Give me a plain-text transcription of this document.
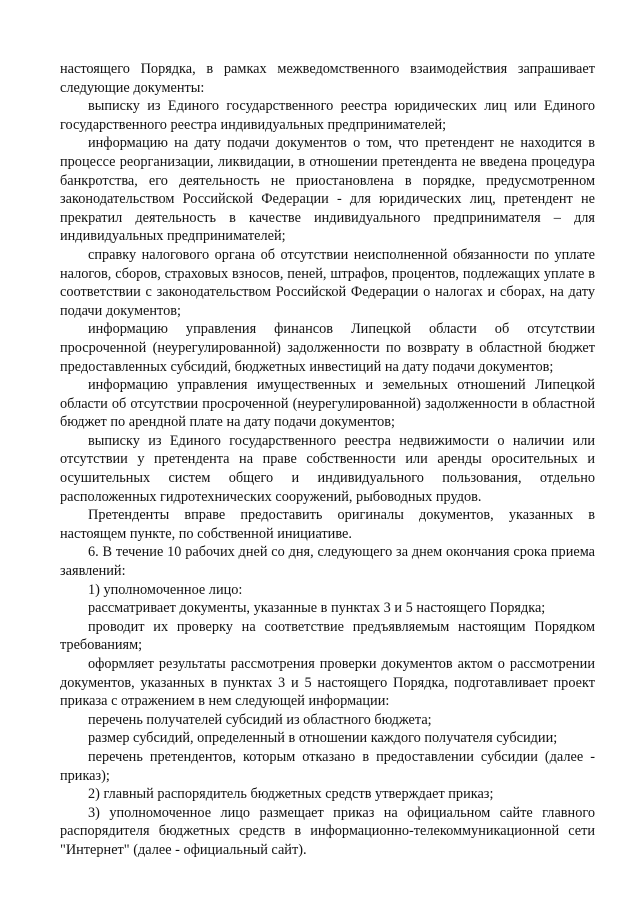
настоящего Порядка, в рамках межведомственного взаимодействия запрашивает следующие документы:

выписку из Единого государственного реестра юридических лиц или Единого государственного реестра индивидуальных предпринимателей;

информацию на дату подачи документов о том, что претендент не находится в процессе реорганизации, ликвидации, в отношении претендента не введена процедура банкротства, его деятельность не приостановлена в порядке, предусмотренном законодательством Российской Федерации - для юридических лиц, претендент не прекратил деятельность в качестве индивидуального предпринимателя – для индивидуальных предпринимателей;

справку налогового органа об отсутствии неисполненной обязанности по уплате налогов, сборов, страховых взносов, пеней, штрафов, процентов, подлежащих уплате в соответствии с законодательством Российской Федерации о налогах и сборах, на дату подачи документов;

информацию управления финансов Липецкой области об отсутствии просроченной (неурегулированной) задолженности по возврату в областной бюджет предоставленных субсидий, бюджетных инвестиций на дату подачи документов;

информацию управления имущественных и земельных отношений Липецкой области об отсутствии просроченной (неурегулированной) задолженности в областной бюджет по арендной плате на дату подачи документов;

выписку из Единого государственного реестра недвижимости о наличии или отсутствии у претендента на праве собственности или аренды оросительных и осушительных систем общего и индивидуального пользования, отдельно расположенных гидротехнических сооружений, рыбоводных прудов.

Претенденты вправе предоставить оригиналы документов, указанных в настоящем пункте, по собственной инициативе.

6. В течение 10 рабочих дней со дня, следующего за днем окончания срока приема заявлений:

1) уполномоченное лицо:

рассматривает документы, указанные в пунктах 3 и 5 настоящего Порядка;

проводит их проверку на соответствие предъявляемым настоящим Порядком требованиям;

оформляет результаты рассмотрения проверки документов актом о рассмотрении документов, указанных в пунктах 3 и 5 настоящего Порядка, подготавливает проект приказа с отражением в нем следующей информации:

перечень получателей субсидий из областного бюджета;

размер субсидий, определенный в отношении каждого получателя субсидии;

перечень претендентов, которым отказано в предоставлении субсидии (далее - приказ);

2) главный распорядитель бюджетных средств утверждает приказ;

3) уполномоченное лицо размещает приказ на официальном сайте главного распорядителя бюджетных средств в информационно-телекоммуникационной сети "Интернет" (далее - официальный сайт).
